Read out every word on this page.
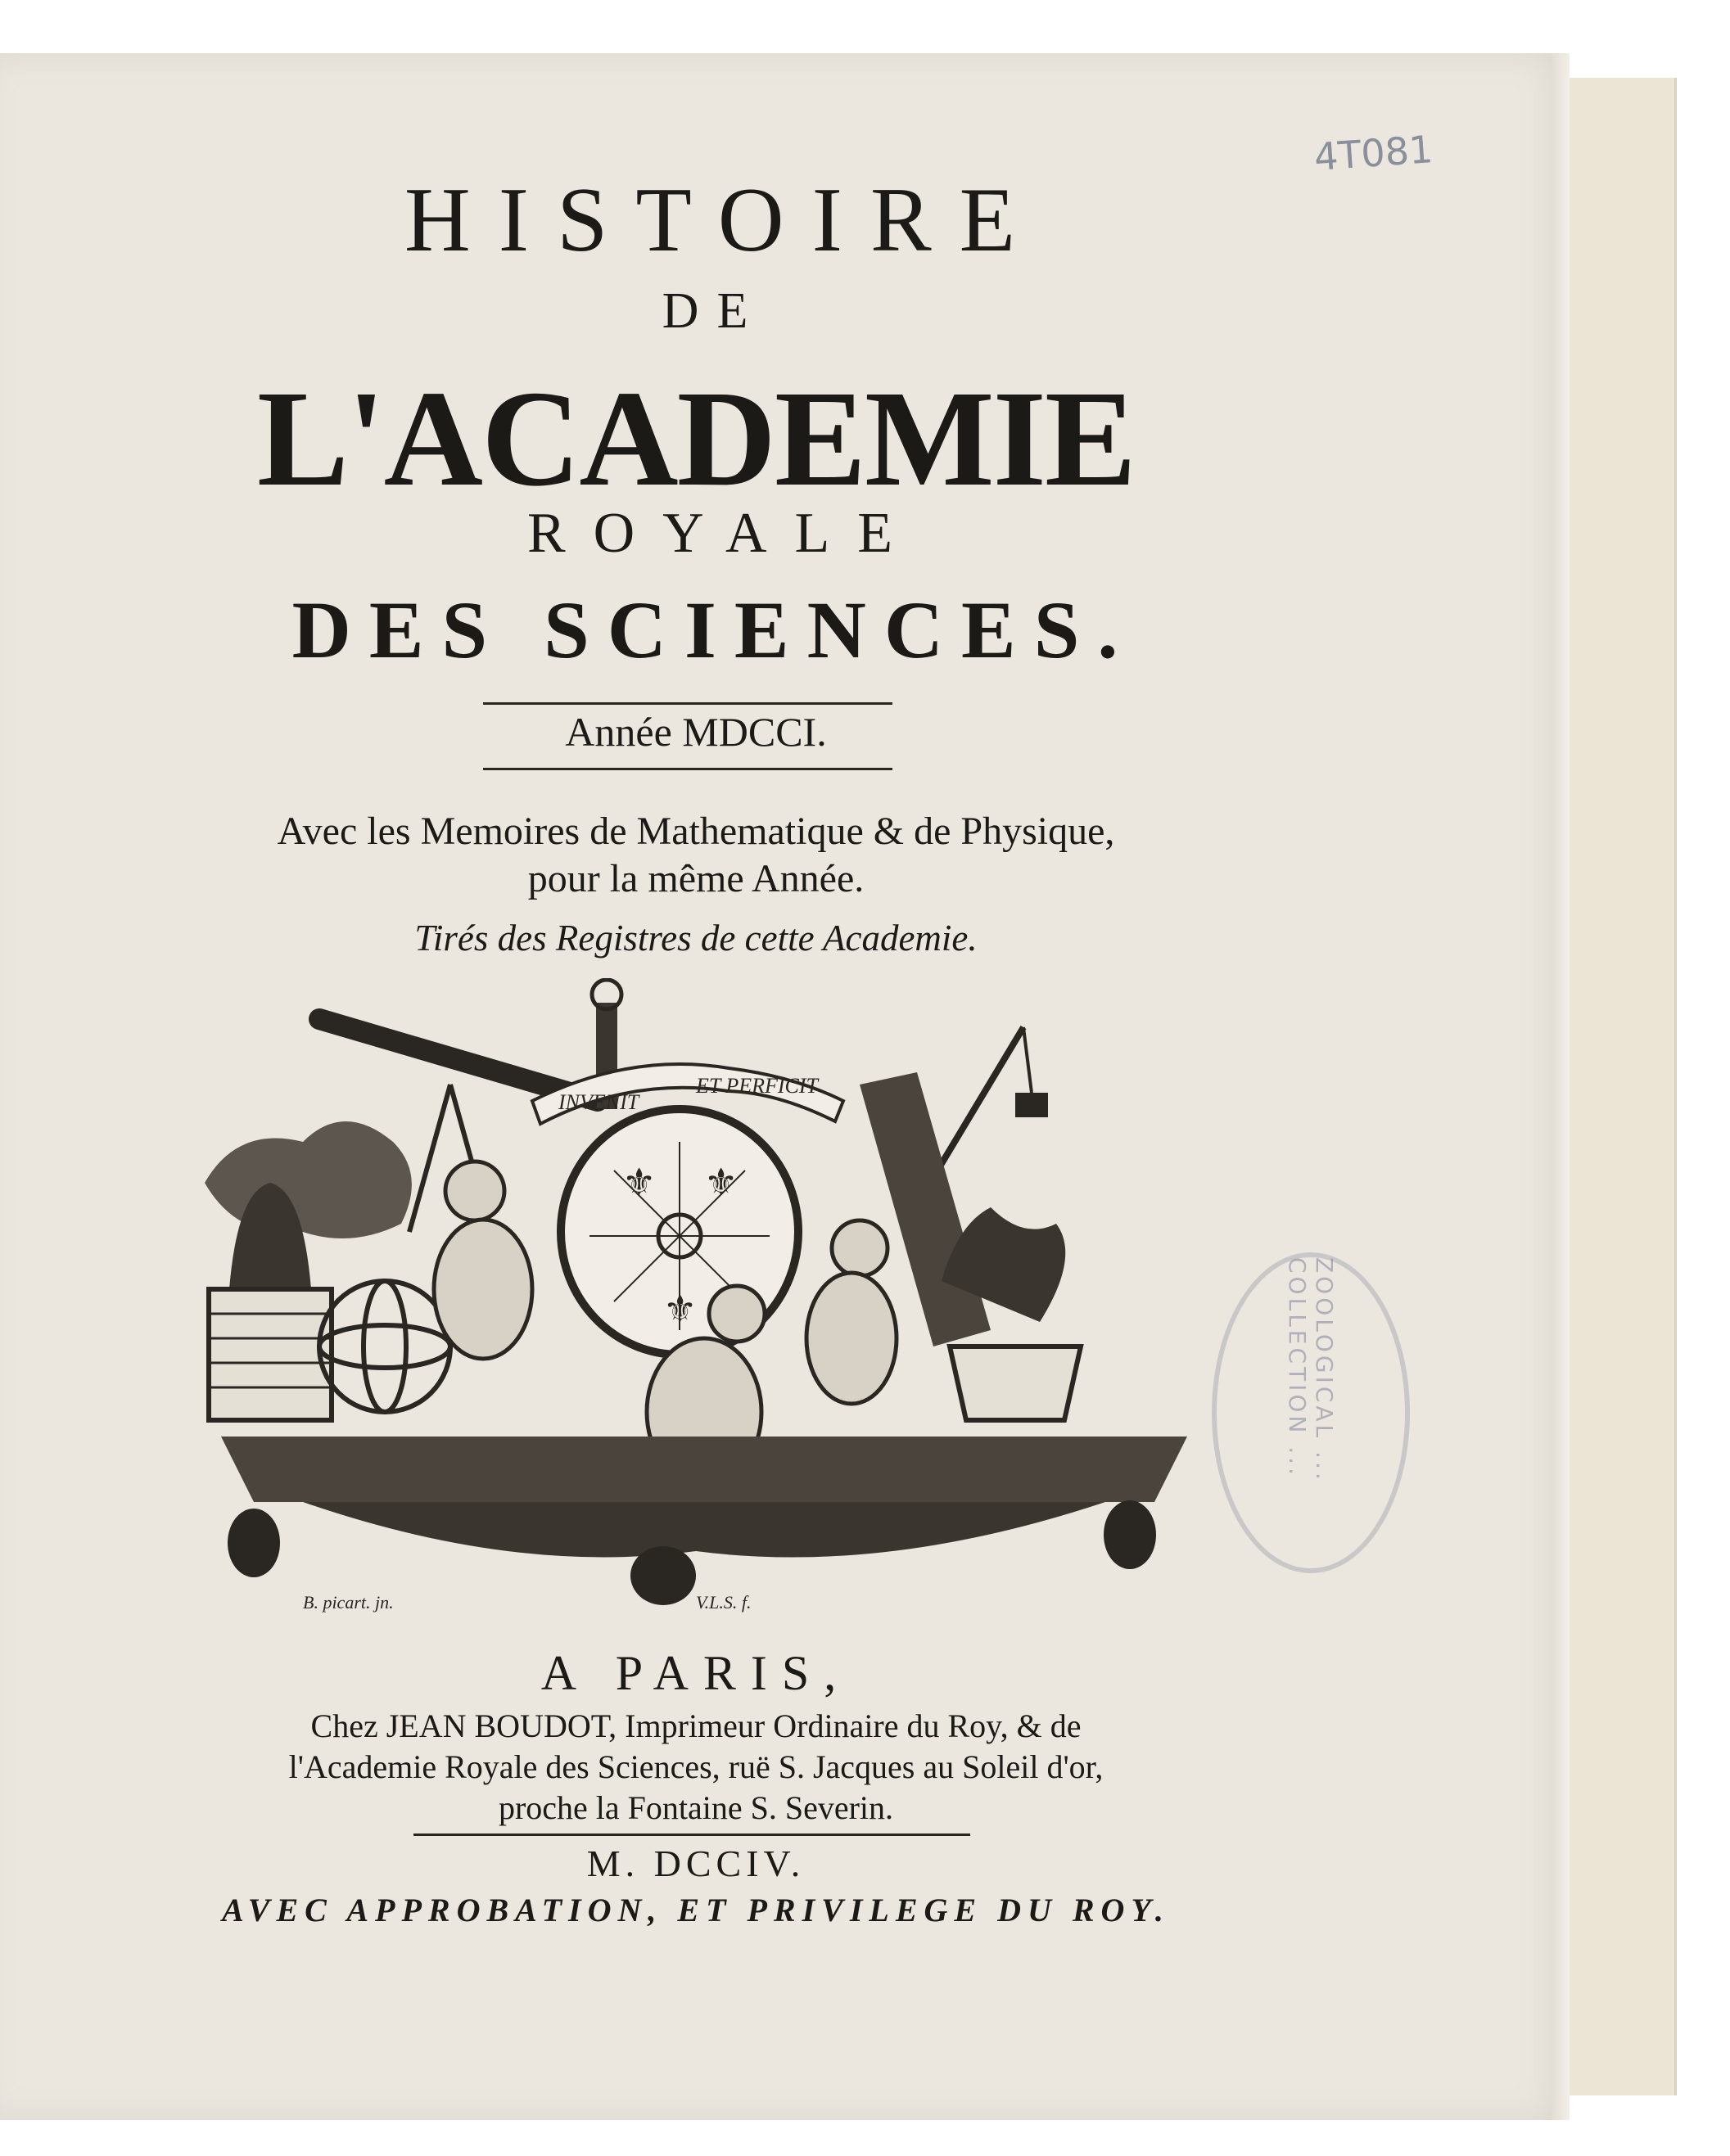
4T081

HISTOIRE

DE

L'ACADEMIE

ROYALE

DES SCIENCES.

Année MDCCI.

Avec les Memoires de Mathematique & de Physique,

pour la même Année.

Tirés des Registres de cette Academie.

INVENIT
ET PERFICIT
⚜ ⚜
⚜
B. picart. jn.	V.L.S. f.
ZOOLOGICAL ... COLLECTION ...

A PARIS,

Chez JEAN BOUDOT, Imprimeur Ordinaire du Roy, & de

l'Academie Royale des Sciences, ruë S. Jacques au Soleil d'or,

proche la Fontaine S. Severin.

M. DCCIV.

AVEC APPROBATION, ET PRIVILEGE DU ROY.
